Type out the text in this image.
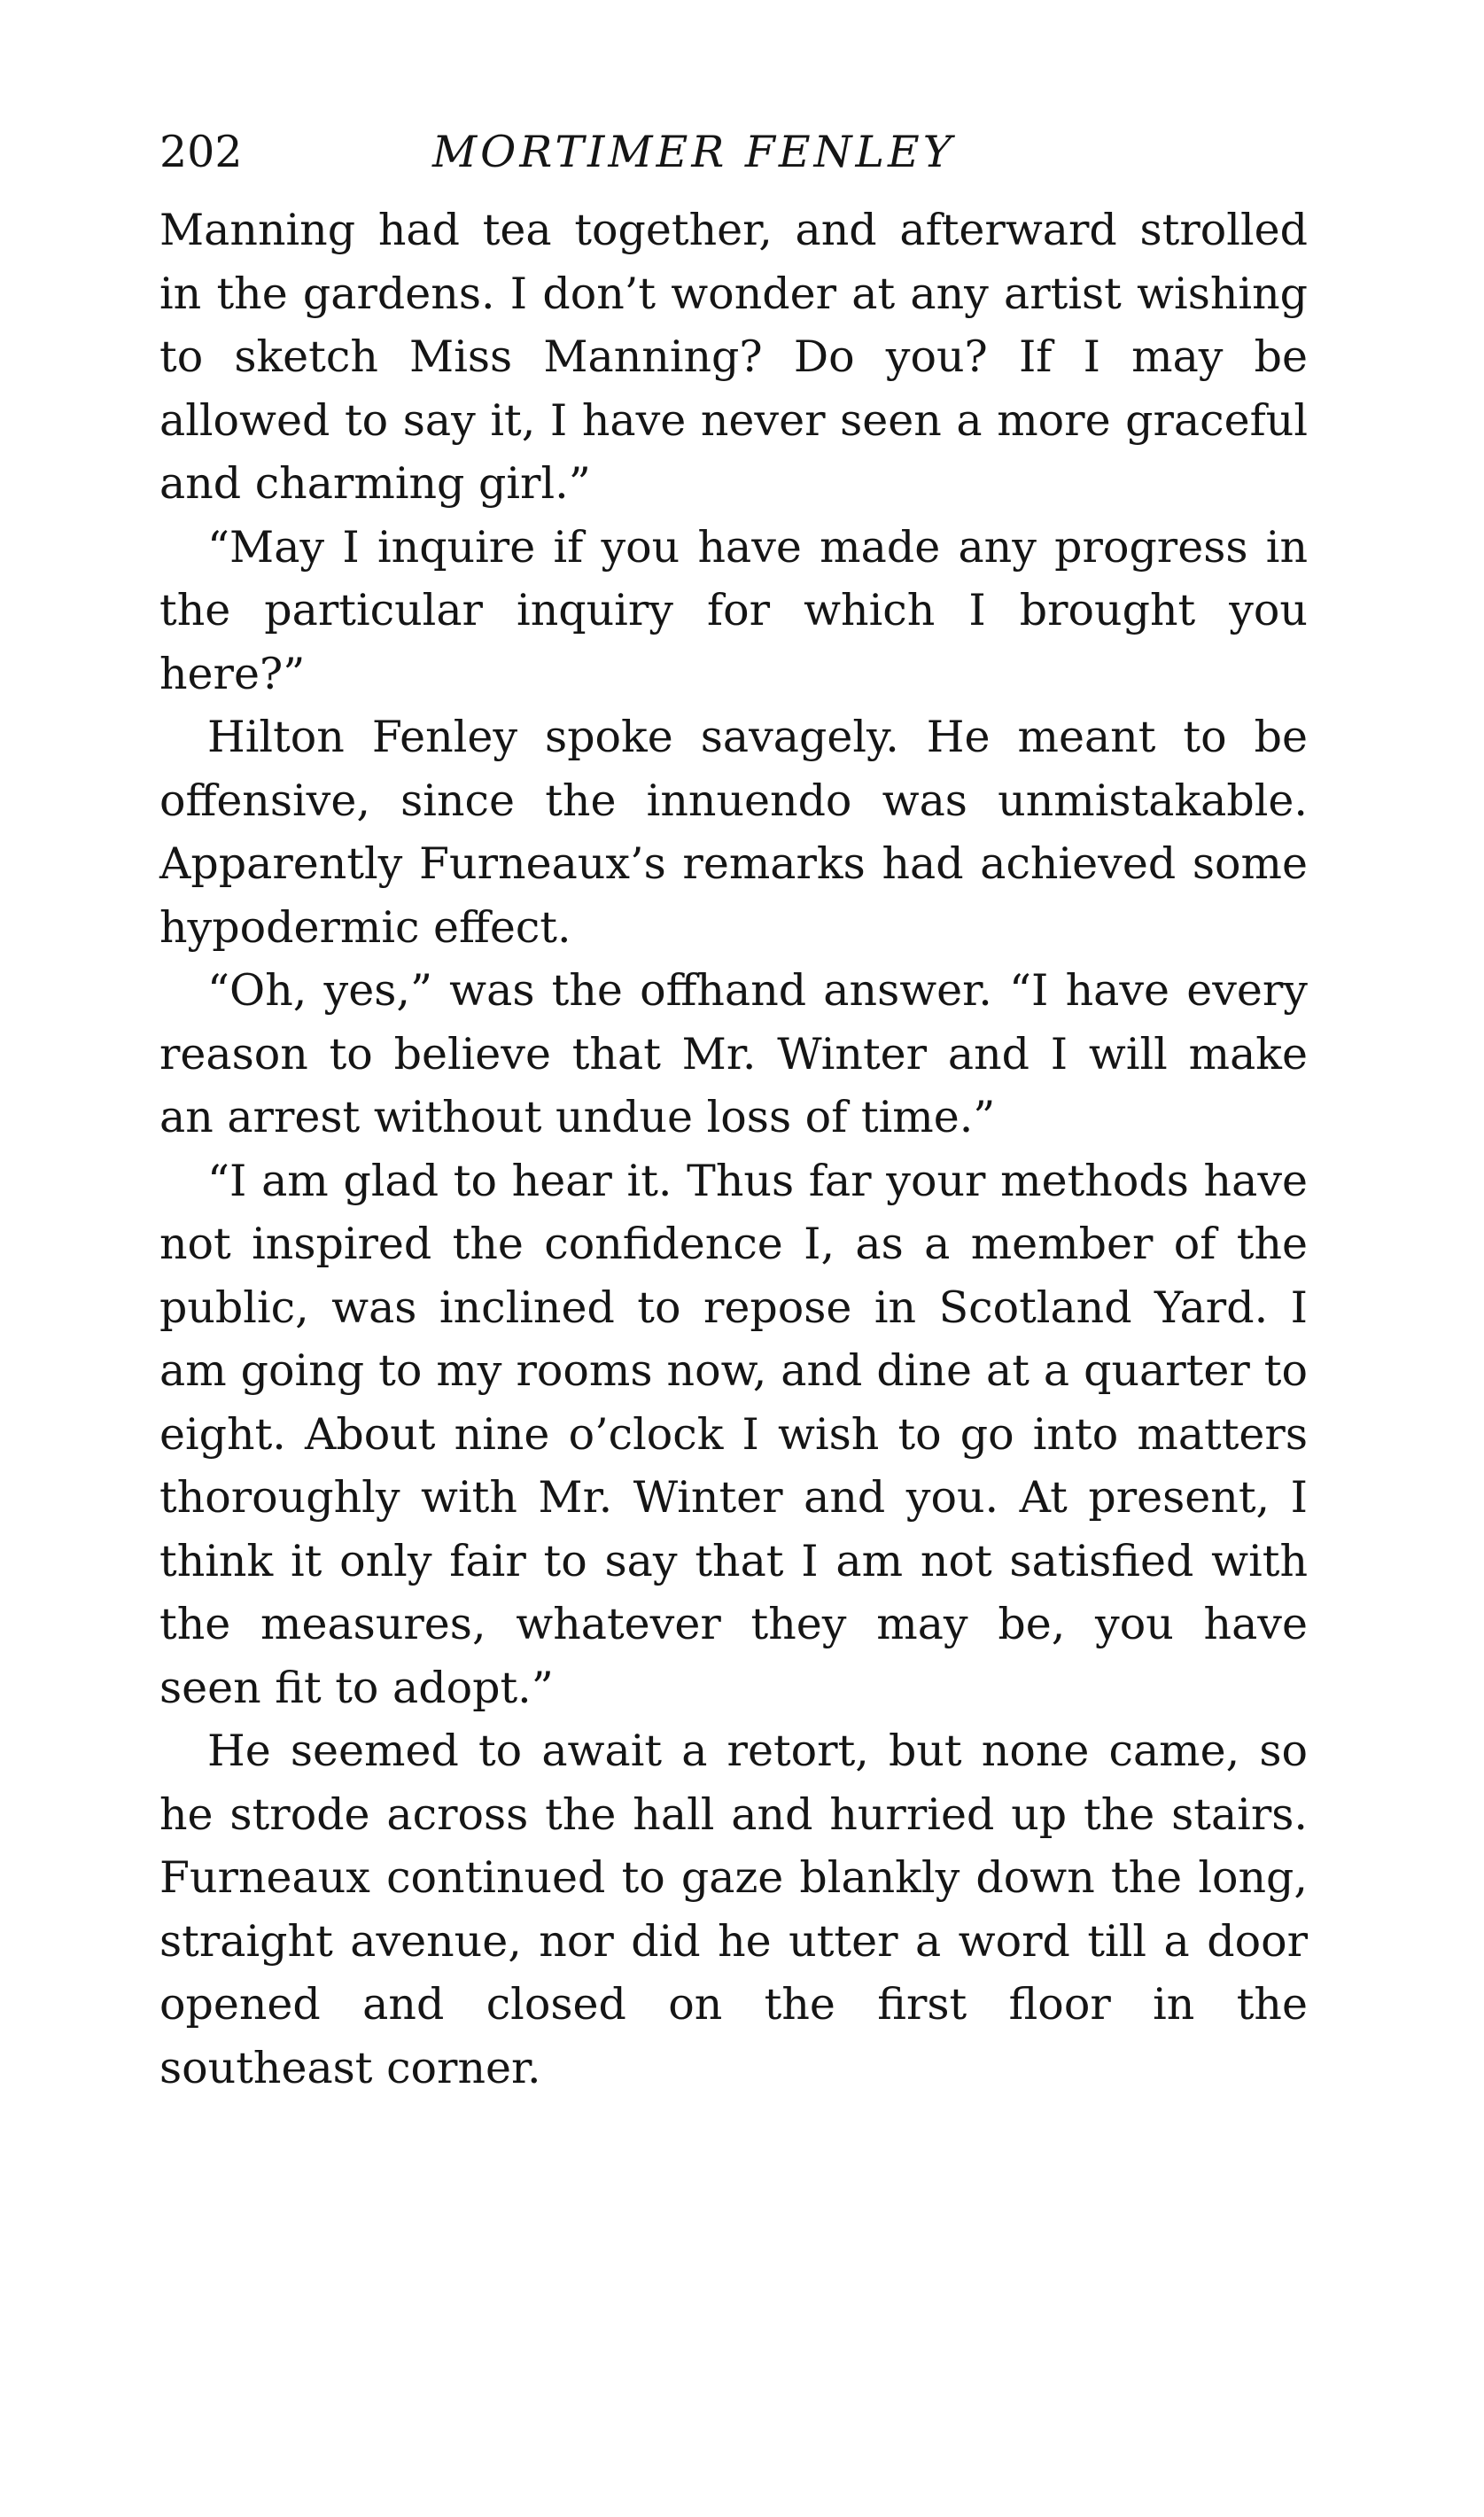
202	MORTIMER FENLEY

Manning had tea together, and afterward strolled in the gardens. I don’t wonder at any artist wishing to sketch Miss Manning? Do you? If I may be allowed to say it, I have never seen a more graceful and charming girl.”

“May I inquire if you have made any progress in the particular inquiry for which I brought you here?”

Hilton Fenley spoke savagely. He meant to be offensive, since the innuendo was unmistakable. Apparently Furneaux’s remarks had achieved some hypodermic effect.

“Oh, yes,” was the offhand answer. “I have every reason to believe that Mr. Winter and I will make an arrest without undue loss of time.”

“I am glad to hear it. Thus far your methods have not inspired the confidence I, as a member of the public, was inclined to repose in Scotland Yard. I am going to my rooms now, and dine at a quarter to eight. About nine o’clock I wish to go into matters thoroughly with Mr. Winter and you. At present, I think it only fair to say that I am not satisfied with the measures, whatever they may be, you have seen fit to adopt.”

He seemed to await a retort, but none came, so he strode across the hall and hurried up the stairs. Furneaux continued to gaze blankly down the long, straight avenue, nor did he utter a word till a door opened and closed on the first floor in the southeast corner.
